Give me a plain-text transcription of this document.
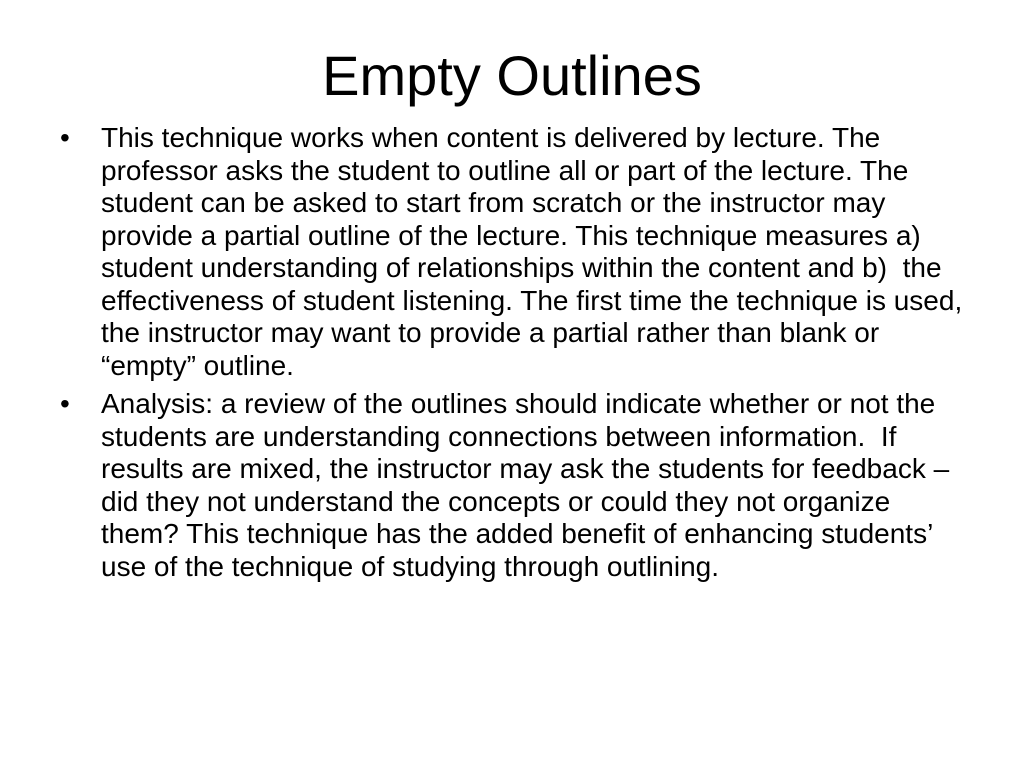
Empty Outlines
•	This technique works when content is delivered by lecture. The professor asks the student to outline all or part of the lecture. The student can be asked to start from scratch or the instructor may provide a partial outline of the lecture. This technique measures a) student understanding of relationships within the content and b)  the effectiveness of student listening. The first time the technique is used, the instructor may want to provide a partial rather than blank or “empty” outline.
•	Analysis: a review of the outlines should indicate whether or not the students are understanding connections between information.  If results are mixed, the instructor may ask the students for feedback – did they not understand the concepts or could they not organize them? This technique has the added benefit of enhancing students’ use of the technique of studying through outlining.
